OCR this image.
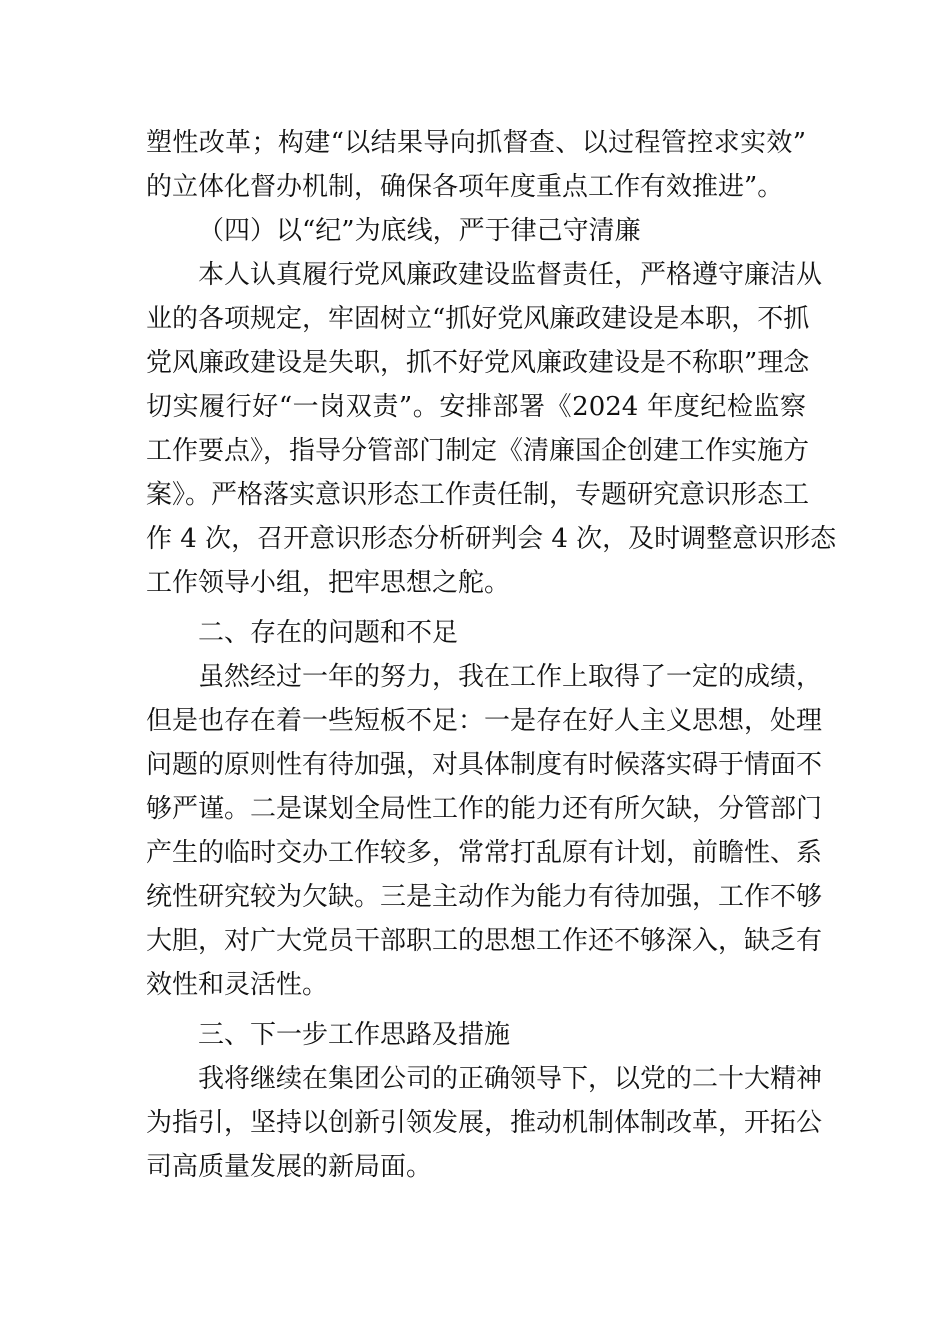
塑性改革；构建“以结果导向抓督查、以过程管控求实效”
的立体化督办机制，确保各项年度重点工作有效推进”。
（四）以“纪”为底线，严于律己守清廉
本人认真履行党风廉政建设监督责任，严格遵守廉洁从
业的各项规定，牢固树立“抓好党风廉政建设是本职，不抓
党风廉政建设是失职，抓不好党风廉政建设是不称职”理念
切实履行好“一岗双责”。安排部署《2024 年度纪检监察
工作要点》，指导分管部门制定《清廉国企创建工作实施方
案》。严格落实意识形态工作责任制，专题研究意识形态工
作 4 次，召开意识形态分析研判会 4 次，及时调整意识形态
工作领导小组，把牢思想之舵。
二、存在的问题和不足
虽然经过一年的努力，我在工作上取得了一定的成绩，
但是也存在着一些短板不足：一是存在好人主义思想，处理
问题的原则性有待加强，对具体制度有时候落实碍于情面不
够严谨。二是谋划全局性工作的能力还有所欠缺，分管部门
产生的临时交办工作较多，常常打乱原有计划，前瞻性、系
统性研究较为欠缺。三是主动作为能力有待加强，工作不够
大胆，对广大党员干部职工的思想工作还不够深入，缺乏有
效性和灵活性。
三、下一步工作思路及措施
我将继续在集团公司的正确领导下，以党的二十大精神
为指引，坚持以创新引领发展，推动机制体制改革，开拓公
司高质量发展的新局面。
